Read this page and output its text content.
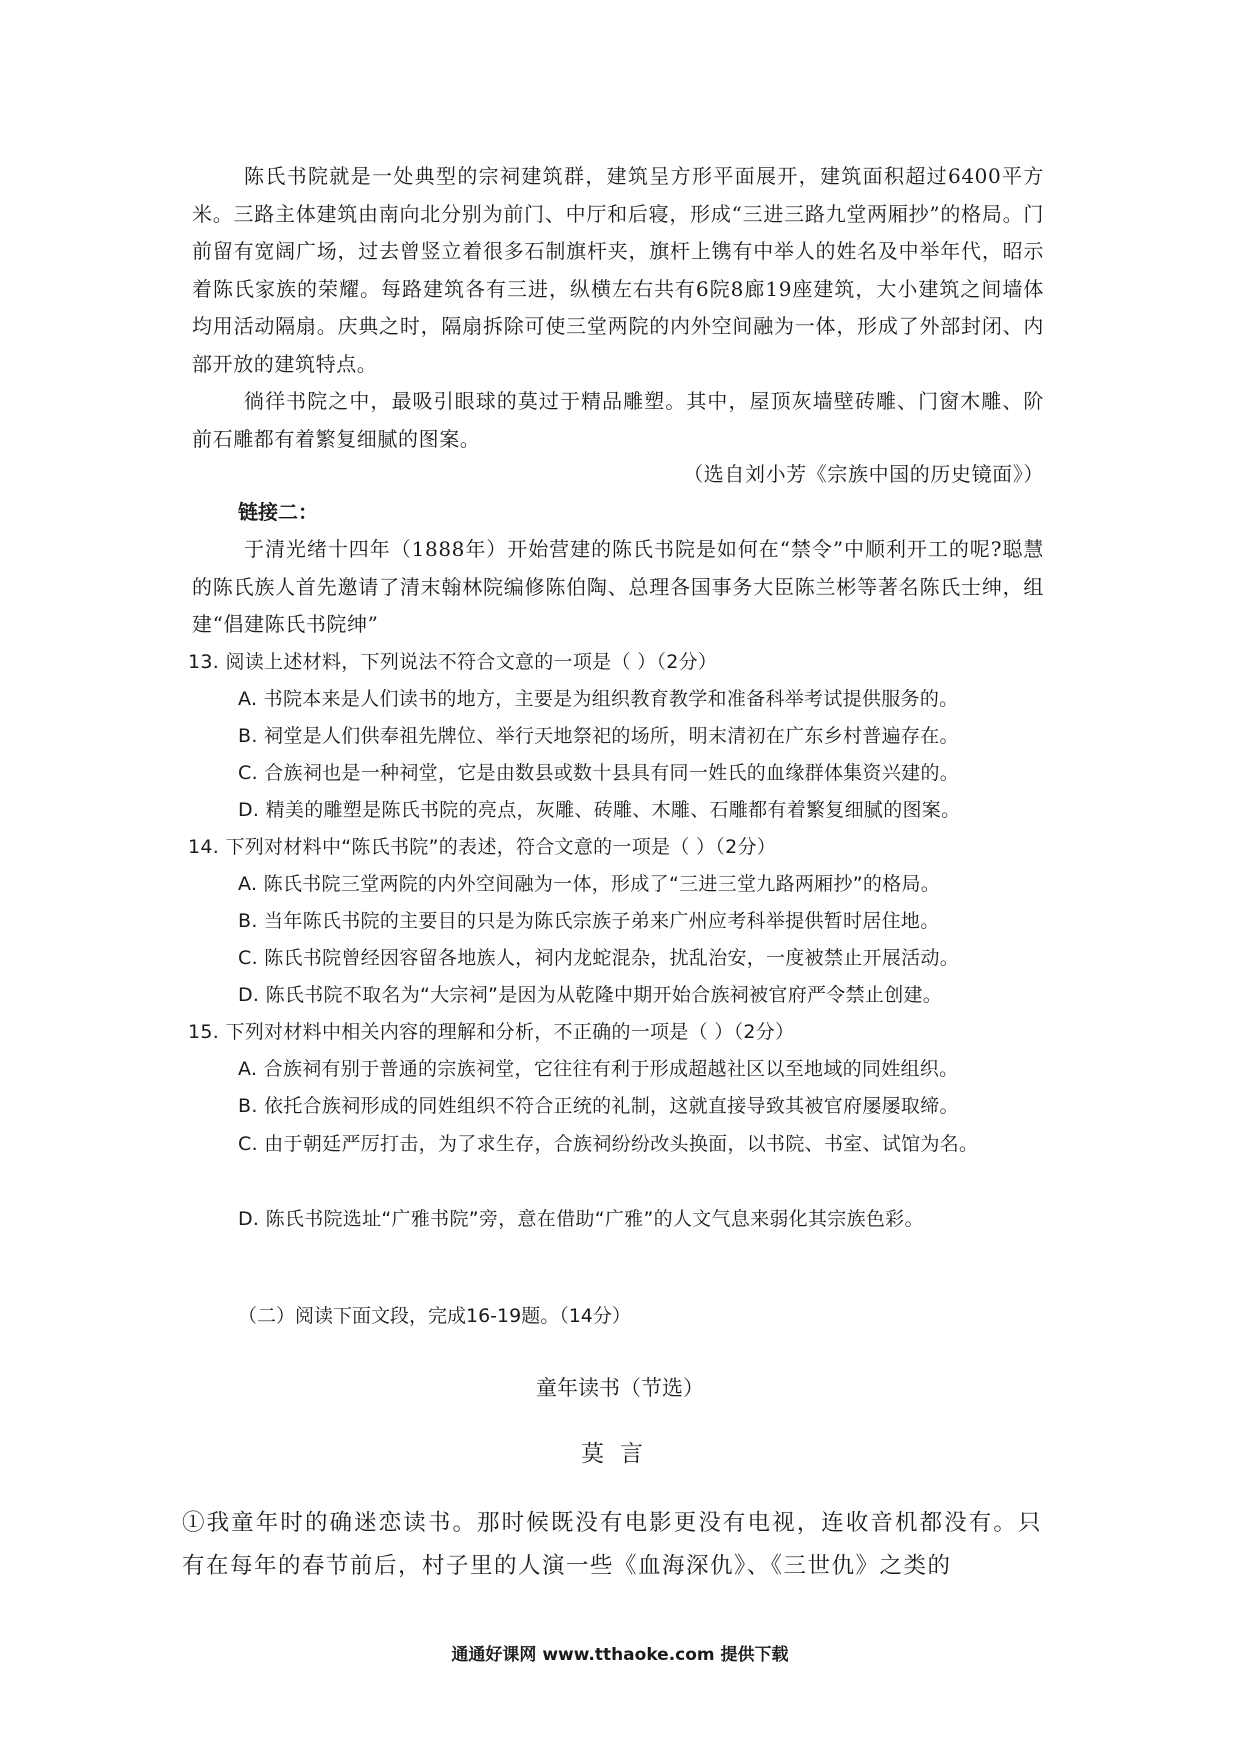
陈氏书院就是一处典型的宗祠建筑群，建筑呈方形平面展开，建筑面积超过6400平方米。三路主体建筑由南向北分别为前门、中厅和后寝，形成“三进三路九堂两厢抄”的格局。门前留有宽阔广场，过去曾竖立着很多石制旗杆夹，旗杆上镌有中举人的姓名及中举年代，昭示着陈氏家族的荣耀。每路建筑各有三进，纵横左右共有6院8廊19座建筑，大小建筑之间墙体均用活动隔扇。庆典之时，隔扇拆除可使三堂两院的内外空间融为一体，形成了外部封闭、内部开放的建筑特点。

徜徉书院之中，最吸引眼球的莫过于精品雕塑。其中，屋顶灰墙壁砖雕、门窗木雕、阶前石雕都有着繁复细腻的图案。

（选自刘小芳《宗族中国的历史镜面》）

链接二：

于清光绪十四年（1888年）开始营建的陈氏书院是如何在“禁令”中顺利开工的呢?聪慧的陈氏族人首先邀请了清末翰林院编修陈伯陶、总理各国事务大臣陈兰彬等著名陈氏士绅，组建“倡建陈氏书院绅”

13. 阅读上述材料，下列说法不符合文意的一项是（ ）（2分）

A. 书院本来是人们读书的地方，主要是为组织教育教学和准备科举考试提供服务的。

B. 祠堂是人们供奉祖先牌位、举行天地祭祀的场所，明末清初在广东乡村普遍存在。

C. 合族祠也是一种祠堂，它是由数县或数十县具有同一姓氏的血缘群体集资兴建的。

D. 精美的雕塑是陈氏书院的亮点，灰雕、砖雕、木雕、石雕都有着繁复细腻的图案。

14. 下列对材料中“陈氏书院”的表述，符合文意的一项是（ ）（2分）

A. 陈氏书院三堂两院的内外空间融为一体，形成了“三进三堂九路两厢抄”的格局。

B. 当年陈氏书院的主要目的只是为陈氏宗族子弟来广州应考科举提供暂时居住地。

C. 陈氏书院曾经因容留各地族人，祠内龙蛇混杂，扰乱治安，一度被禁止开展活动。

D. 陈氏书院不取名为“大宗祠”是因为从乾隆中期开始合族祠被官府严令禁止创建。

15. 下列对材料中相关内容的理解和分析，不正确的一项是（ ）（2分）

A. 合族祠有别于普通的宗族祠堂，它往往有利于形成超越社区以至地域的同姓组织。

B. 依托合族祠形成的同姓组织不符合正统的礼制，这就直接导致其被官府屡屡取缔。

C. 由于朝廷严厉打击，为了求生存，合族祠纷纷改头换面，以书院、书室、试馆为名。

D. 陈氏书院选址“广雅书院”旁，意在借助“广雅”的人文气息来弱化其宗族色彩。

（二）阅读下面文段，完成16-19题。（14分）

童年读书（节选）

莫言

①我童年时的确迷恋读书。那时候既没有电影更没有电视，连收音机都没有。只有在每年的春节前后，村子里的人演一些《血海深仇》、《三世仇》之类的

通通好课网 www.tthaoke.com 提供下载
